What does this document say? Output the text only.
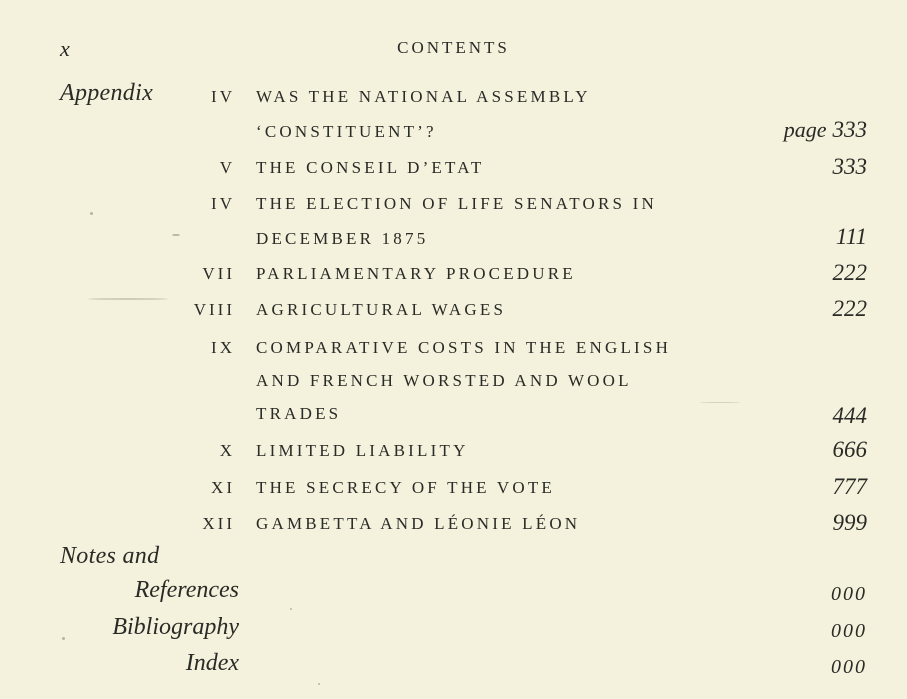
x	CONTENTS
Appendix	IV WAS THE NATIONAL ASSEMBLY
‘CONSTITUENT’?	page 333
V THE CONSEIL D’ETAT	333
IV THE ELECTION OF LIFE SENATORS IN
DECEMBER 1875	111
VII PARLIAMENTARY PROCEDURE	222
VIII AGRICULTURAL WAGES	222
IX COMPARATIVE COSTS IN THE ENGLISH
AND FRENCH WORSTED AND WOOL
TRADES	444
X LIMITED LIABILITY	666
XI THE SECRECY OF THE VOTE	777
XII GAMBETTA AND LÉONIE LÉON	999
Notes and
References	000
Bibliography	000
Index	000
